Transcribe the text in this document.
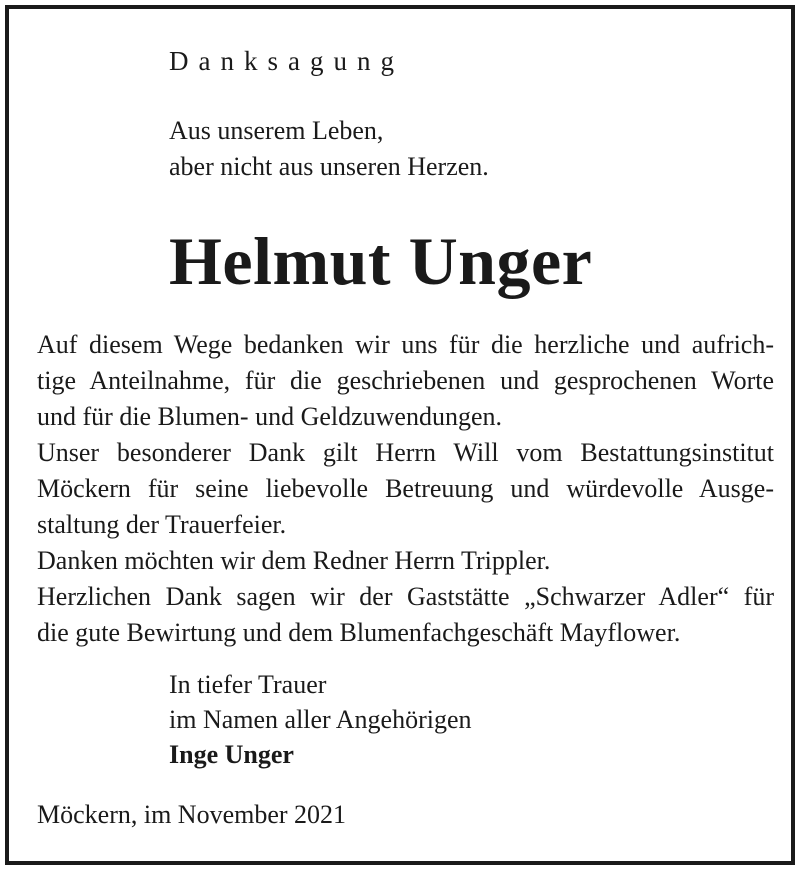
Danksagung
Aus unserem Leben,
aber nicht aus unseren Herzen.
Helmut Unger
Auf diesem Wege bedanken wir uns für die herzliche und aufrich-
tige Anteilnahme, für die geschriebenen und gesprochenen Worte
und für die Blumen- und Geldzuwendungen.
Unser besonderer Dank gilt Herrn Will vom Bestattungsinstitut
Möckern für seine liebevolle Betreuung und würdevolle Ausge-
staltung der Trauerfeier.
Danken möchten wir dem Redner Herrn Trippler.
Herzlichen Dank sagen wir der Gaststätte „Schwarzer Adler“ für
die gute Bewirtung und dem Blumenfachgeschäft Mayflower.
In tiefer Trauer
im Namen aller Angehörigen
Inge Unger
Möckern, im November 2021
